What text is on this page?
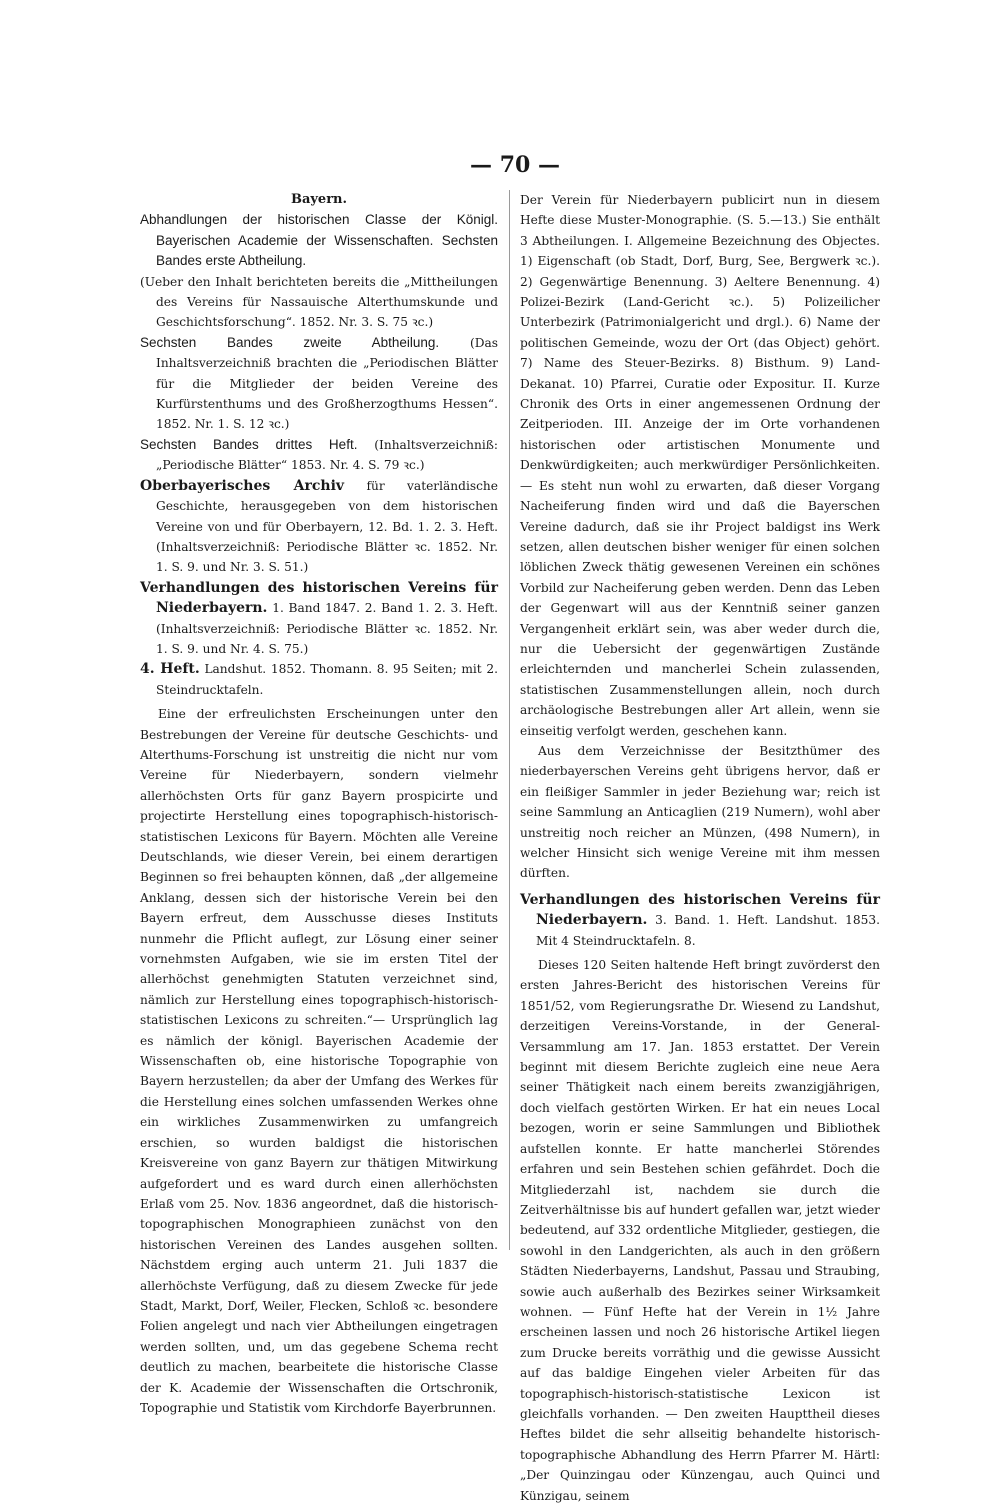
— 70 —

Bayern.

Abhandlungen der historischen Classe der Königl. Bayerischen Academie der Wissenschaften. Sechsten Bandes erste Abtheilung.

(Ueber den Inhalt berichteten bereits die „Mittheilungen des Vereins für Nassauische Alterthumskunde und Geschichtsforschung“. 1852. Nr. 3. S. 75 ꝛc.)

Sechsten Bandes zweite Abtheilung.	(Das Inhaltsverzeichniß brachten die „Periodischen Blätter für die Mitglieder der beiden Vereine des Kurfürstenthums und des Großherzogthums Hessen“. 1852. Nr. 1. S. 12 ꝛc.)

Sechsten Bandes drittes Heft. (Inhaltsverzeichniß: „Periodische Blätter“ 1853. Nr. 4. S. 79 ꝛc.)

Oberbayerisches Archiv für vaterländische Geschichte, herausgegeben von dem historischen Vereine von und für Oberbayern, 12. Bd. 1. 2. 3. Heft. (Inhaltsverzeichniß: Periodische Blätter ꝛc. 1852. Nr. 1. S. 9. und Nr. 3. S. 51.)

Verhandlungen des historischen Vereins für Niederbayern. 1. Band 1847. 2. Band 1. 2. 3. Heft. (Inhaltsverzeichniß: Periodische Blätter ꝛc. 1852. Nr. 1. S. 9. und Nr. 4. S. 75.)

4. Heft. Landshut. 1852. Thomann. 8. 95 Seiten; mit 2. Steindrucktafeln.

Eine der erfreulichsten Erscheinungen unter den Bestrebungen der Vereine für deutsche Geschichts- und Alterthums-Forschung ist unstreitig die nicht nur vom Vereine für Niederbayern, sondern vielmehr allerhöchsten Orts für ganz Bayern prospicirte und projectirte Herstellung eines topographisch-historisch-statistischen Lexicons für Bayern. Möchten alle Vereine Deutschlands, wie dieser Verein, bei einem derartigen Beginnen so frei behaupten können, daß „der allgemeine Anklang, dessen sich der historische Verein bei den Bayern erfreut, dem Ausschusse dieses Instituts nunmehr die Pflicht auflegt, zur Lösung einer seiner vornehmsten Aufgaben, wie sie im ersten Titel der allerhöchst genehmigten Statuten verzeichnet sind, nämlich zur Herstellung eines topographisch-historisch-statistischen Lexicons zu schreiten.“— Ursprünglich lag es nämlich der königl. Bayerischen Academie der Wissenschaften ob, eine historische Topographie von Bayern herzustellen; da aber der Umfang des Werkes für die Herstellung eines solchen umfassenden Werkes ohne ein wirkliches Zusammenwirken zu umfangreich erschien, so wurden baldigst die historischen Kreisvereine von ganz Bayern zur thätigen Mitwirkung aufgefordert und es ward durch einen allerhöchsten Erlaß vom 25. Nov. 1836 angeordnet, daß die historisch-topographischen Monographieen zunächst von den historischen Vereinen des Landes ausgehen sollten. Nächstdem erging auch unterm 21. Juli 1837 die allerhöchste Verfügung, daß zu diesem Zwecke für jede Stadt, Markt, Dorf, Weiler, Flecken, Schloß ꝛc. besondere Folien angelegt und nach vier Abtheilungen eingetragen werden sollten, und, um das gegebene Schema recht deutlich zu machen, bearbeitete die historische Classe der K. Academie der Wissenschaften die Ortschronik, Topographie und Statistik vom Kirchdorfe Bayerbrunnen.

Der Verein für Niederbayern publicirt nun in diesem Hefte diese Muster-Monographie. (S. 5.—13.) Sie enthält 3 Abtheilungen. I. Allgemeine Bezeichnung des Objectes. 1) Eigenschaft (ob Stadt, Dorf, Burg, See, Bergwerk ꝛc.). 2) Gegenwärtige Benennung. 3) Aeltere Benennung. 4) Polizei-Bezirk (Land-Gericht ꝛc.). 5) Polizeilicher Unterbezirk (Patrimonialgericht und drgl.). 6) Name der politischen Gemeinde, wozu der Ort (das Object) gehört. 7) Name des Steuer-Bezirks. 8) Bisthum. 9) Land-Dekanat. 10) Pfarrei, Curatie oder Expositur. II. Kurze Chronik des Orts in einer angemessenen Ordnung der Zeitperioden. III. Anzeige der im Orte vorhandenen historischen oder artistischen Monumente und Denkwürdigkeiten; auch merkwürdiger Persönlichkeiten. — Es steht nun wohl zu erwarten, daß dieser Vorgang Nacheiferung finden wird und daß die Bayerschen Vereine dadurch, daß sie ihr Project baldigst ins Werk setzen, allen deutschen bisher weniger für einen solchen löblichen Zweck thätig gewesenen Vereinen ein schönes Vorbild zur Nacheiferung geben werden. Denn das Leben der Gegenwart will aus der Kenntniß seiner ganzen Vergangenheit erklärt sein, was aber weder durch die, nur die Uebersicht der gegenwärtigen Zustände erleichternden und mancherlei Schein zulassenden, statistischen Zusammenstellungen allein, noch durch archäologische Bestrebungen aller Art allein, wenn sie einseitig verfolgt werden, geschehen kann.

Aus dem Verzeichnisse der Besitzthümer des niederbayerschen Vereins geht übrigens hervor, daß er ein fleißiger Sammler in jeder Beziehung war; reich ist seine Sammlung an Anticaglien (219 Numern), wohl aber unstreitig noch reicher an Münzen, (498 Numern), in welcher Hinsicht sich wenige Vereine mit ihm messen dürften.

Verhandlungen des historischen Vereins für Niederbayern. 3. Band. 1. Heft. Landshut. 1853. Mit 4 Steindrucktafeln. 8.

Dieses 120 Seiten haltende Heft bringt zuvörderst den ersten Jahres-Bericht des historischen Vereins für 1851/52, vom Regierungsrathe Dr. Wiesend zu Landshut, derzeitigen Vereins-Vorstande, in der General-Versammlung am 17. Jan. 1853 erstattet. Der Verein beginnt mit diesem Berichte zugleich eine neue Aera seiner Thätigkeit nach einem bereits zwanzigjährigen, doch vielfach gestörten Wirken. Er hat ein neues Local bezogen, worin er seine Sammlungen und Bibliothek aufstellen konnte. Er hatte mancherlei Störendes erfahren und sein Bestehen schien gefährdet. Doch die Mitgliederzahl ist, nachdem sie durch die Zeitverhältnisse bis auf hundert gefallen war, jetzt wieder bedeutend, auf 332 ordentliche Mitglieder, gestiegen, die sowohl in den Landgerichten, als auch in den größern Städten Niederbayerns, Landshut, Passau und Straubing, sowie auch außerhalb des Bezirkes seiner Wirksamkeit wohnen. — Fünf Hefte hat der Verein in 1½ Jahre erscheinen lassen und noch 26 historische Artikel liegen zum Drucke bereits vorräthig und die gewisse Aussicht auf das baldige Eingehen vieler Arbeiten für das topographisch-historisch-statistische Lexicon ist gleichfalls vorhanden. — Den zweiten Haupttheil dieses Heftes bildet die sehr allseitig behandelte historisch-topographische Abhandlung des Herrn Pfarrer M. Härtl: „Der Quinzingau oder Künzengau, auch Quinci und Künzigau, seinem
